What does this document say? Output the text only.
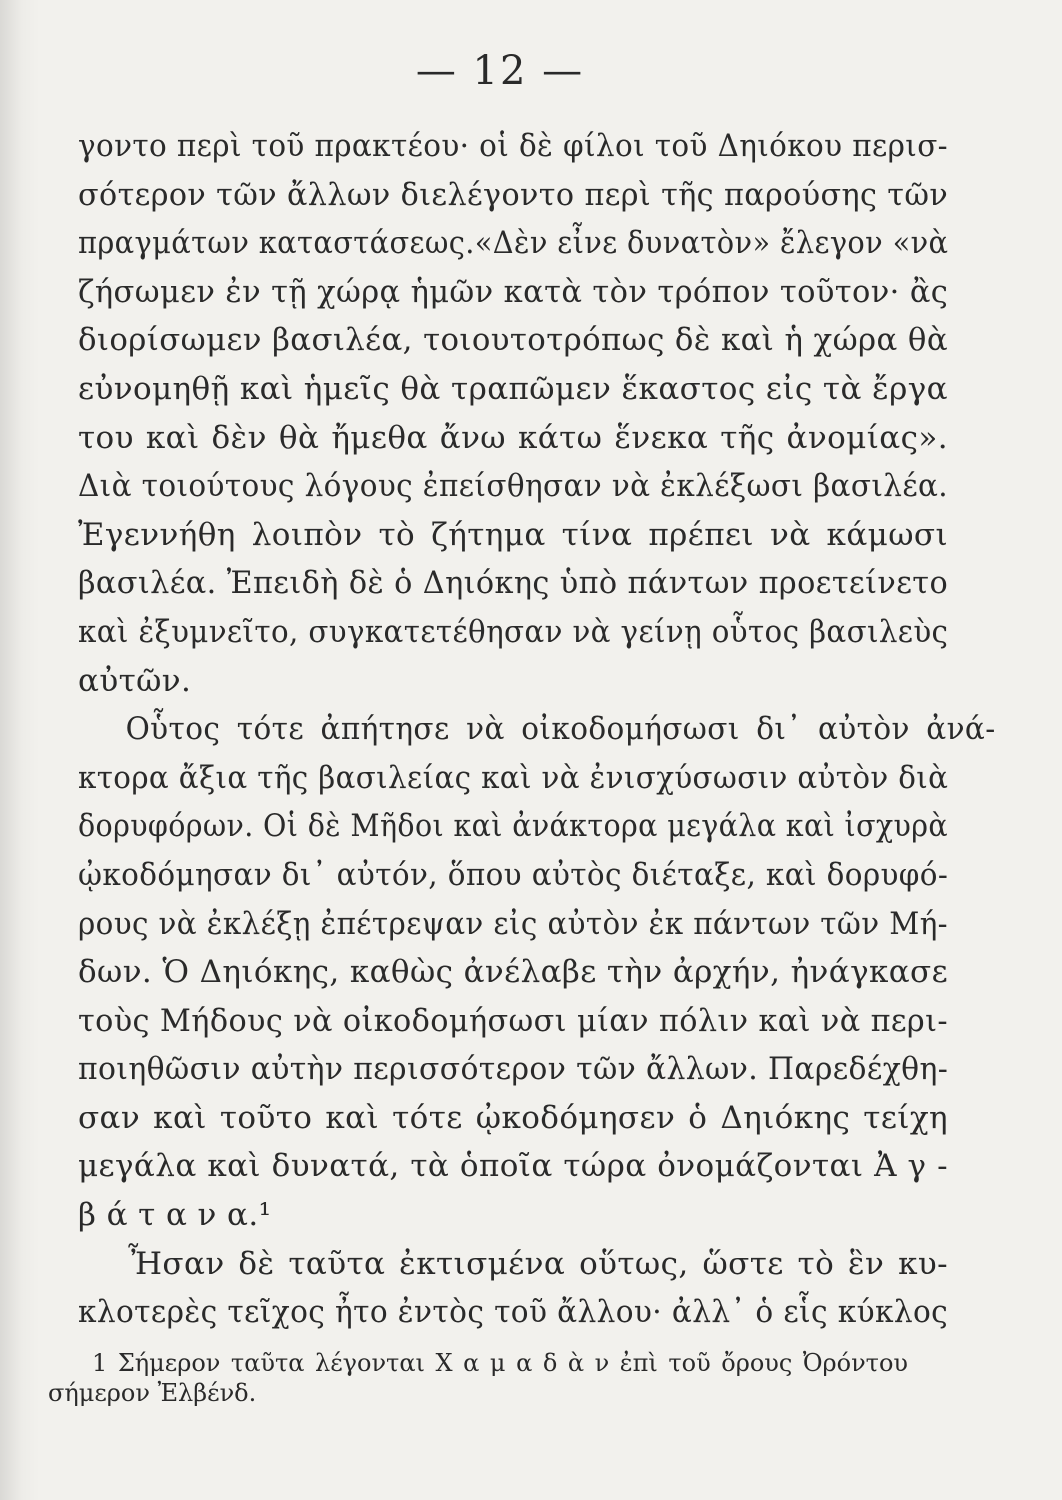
— 12 —
γοντο περὶ τοῦ πρακτέου· οἱ δὲ φίλοι τοῦ Δηιόκου περισ-
σότερον τῶν ἄλλων διελέγοντο περὶ τῆς παρούσης τῶν
πραγμάτων καταστάσεως.«Δὲν εἶνε δυνατὸν» ἔλεγον «νὰ
ζήσωμεν ἐν τῇ χώρᾳ ἡμῶν κατὰ τὸν τρόπον τοῦτον· ἂς
διορίσωμεν βασιλέα, τοιουτοτρόπως δὲ καὶ ἡ χώρα θὰ
εὐνομηθῇ καὶ ἡμεῖς θὰ τραπῶμεν ἕκαστος εἰς τὰ ἔργα
του καὶ δὲν θὰ ἤμεθα ἄνω κάτω ἕνεκα τῆς ἀνομίας».
Διὰ τοιούτους λόγους ἐπείσθησαν νὰ ἐκλέξωσι βασιλέα.
Ἐγεννήθη λοιπὸν τὸ ζήτημα τίνα πρέπει νὰ κάμωσι
βασιλέα. Ἐπειδὴ δὲ ὁ Δηιόκης ὑπὸ πάντων προετείνετο
καὶ ἐξυμνεῖτο, συγκατετέθησαν νὰ γείνῃ οὗτος βασιλεὺς
αὐτῶν.
Οὗτος τότε ἀπήτησε νὰ οἰκοδομήσωσι δι᾽ αὐτὸν ἀνά-
κτορα ἄξια τῆς βασιλείας καὶ νὰ ἐνισχύσωσιν αὐτὸν διὰ
δορυφόρων. Οἱ δὲ Μῆδοι καὶ ἀνάκτορα μεγάλα καὶ ἰσχυρὰ
ᾠκοδόμησαν δι᾽ αὐτόν, ὅπου αὐτὸς διέταξε, καὶ δορυφό-
ρους νὰ ἐκλέξῃ ἐπέτρεψαν εἰς αὐτὸν ἐκ πάντων τῶν Μή-
δων. Ὁ Δηιόκης, καθὼς ἀνέλαβε τὴν ἀρχήν, ἠνάγκασε
τοὺς Μήδους νὰ οἰκοδομήσωσι μίαν πόλιν καὶ νὰ περι-
ποιηθῶσιν αὐτὴν περισσότερον τῶν ἄλλων. Παρεδέχθη-
σαν καὶ τοῦτο καὶ τότε ᾠκοδόμησεν ὁ Δηιόκης τείχη
μεγάλα καὶ δυνατά, τὰ ὁποῖα τώρα ὀνομάζονται Ἀ γ -
β ά τ α ν α.¹
Ἦσαν δὲ ταῦτα ἐκτισμένα οὕτως, ὥστε τὸ ἓν κυ-
κλοτερὲς τεῖχος ἦτο ἐντὸς τοῦ ἄλλου· ἀλλ᾽ ὁ εἷς κύκλος
1 Σήμερον ταῦτα λέγονται Χ α μ α δ ὰ ν ἐπὶ τοῦ ὄρους Ὀρόντου
σήμερον Ἐλβένδ.
